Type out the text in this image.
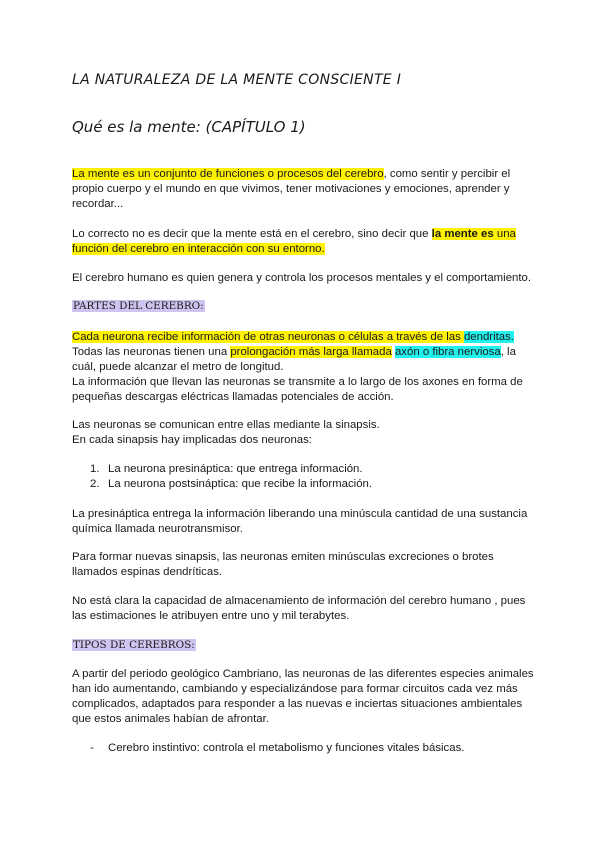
LA NATURALEZA DE LA MENTE CONSCIENTE I
Qué es la mente: (CAPÍTULO 1)
La mente es un conjunto de funciones o procesos del cerebro, como sentir y percibir el
propio cuerpo y el mundo en que vivimos, tener motivaciones y emociones, aprender y
recordar...
Lo correcto no es decir que la mente está en el cerebro, sino decir que la mente es una
función del cerebro en interacción con su entorno.
El cerebro humano es quien genera y controla los procesos mentales y el comportamiento.
PARTES DEL CEREBRO:
Cada neurona recibe información de otras neuronas o células a través de las dendritas.
Todas las neuronas tienen una prolongación más larga llamada axón o fibra nerviosa, la
cuál, puede alcanzar el metro de longitud.
La información que llevan las neuronas se transmite a lo largo de los axones en forma de
pequeñas descargas eléctricas llamadas potenciales de acción.
Las neuronas se comunican entre ellas mediante la sinapsis.
En cada sinapsis hay implicadas dos neuronas:
1. La neurona presináptica: que entrega información.
2. La neurona postsináptica: que recibe la información.
La presináptica entrega la información liberando una minúscula cantidad de una sustancia
química llamada neurotransmisor.
Para formar nuevas sinapsis, las neuronas emiten minúsculas excreciones o brotes
llamados espinas dendríticas.
No está clara la capacidad de almacenamiento de información del cerebro humano , pues
las estimaciones le atribuyen entre uno y mil terabytes.
TIPOS DE CEREBROS:
A partir del periodo geológico Cambriano, las neuronas de las diferentes especies animales
han ido aumentando, cambiando y especializándose para formar circuitos cada vez más
complicados, adaptados para responder a las nuevas e inciertas situaciones ambientales
que estos animales habían de afrontar.
- Cerebro instintivo: controla el metabolismo y funciones vitales básicas.
